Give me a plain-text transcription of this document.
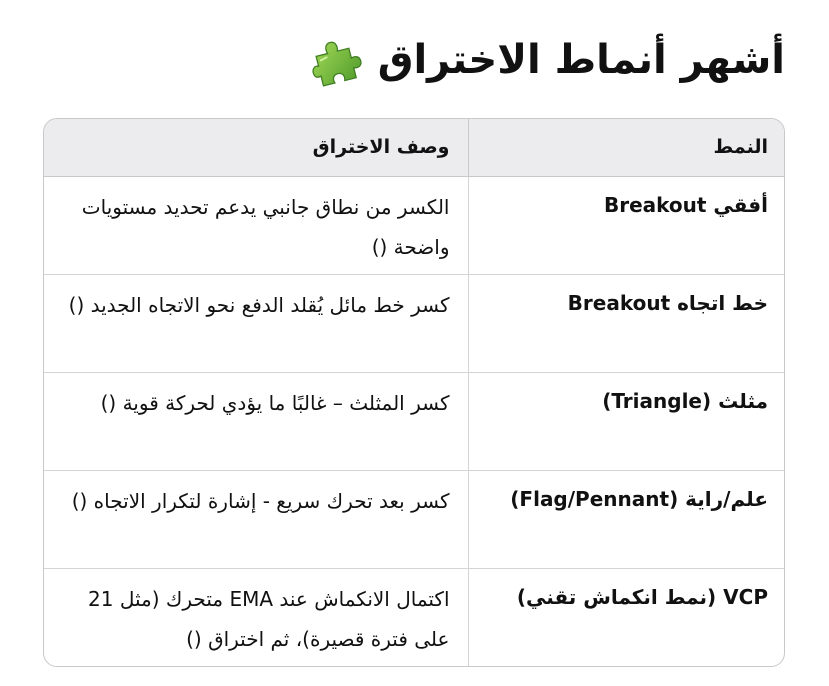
أشهر أنماط الاختراق
النمط	وصف الاختراق
أفقي Breakout	الكسر من نطاق جانبي يدعم تحديد مستويات واضحة ()
خط اتجاه Breakout	كسر خط مائل يُقلد الدفع نحو الاتجاه الجديد ()
مثلث (Triangle)	كسر المثلث – غالبًا ما يؤدي لحركة قوية ()
علم/راية (Flag/Pennant)	كسر بعد تحرك سريع - إشارة لتكرار الاتجاه ()
VCP (نمط انكماش تقني)	اكتمال الانكماش عند EMA متحرك (مثل 21 على فترة قصيرة)، ثم اختراق ()
